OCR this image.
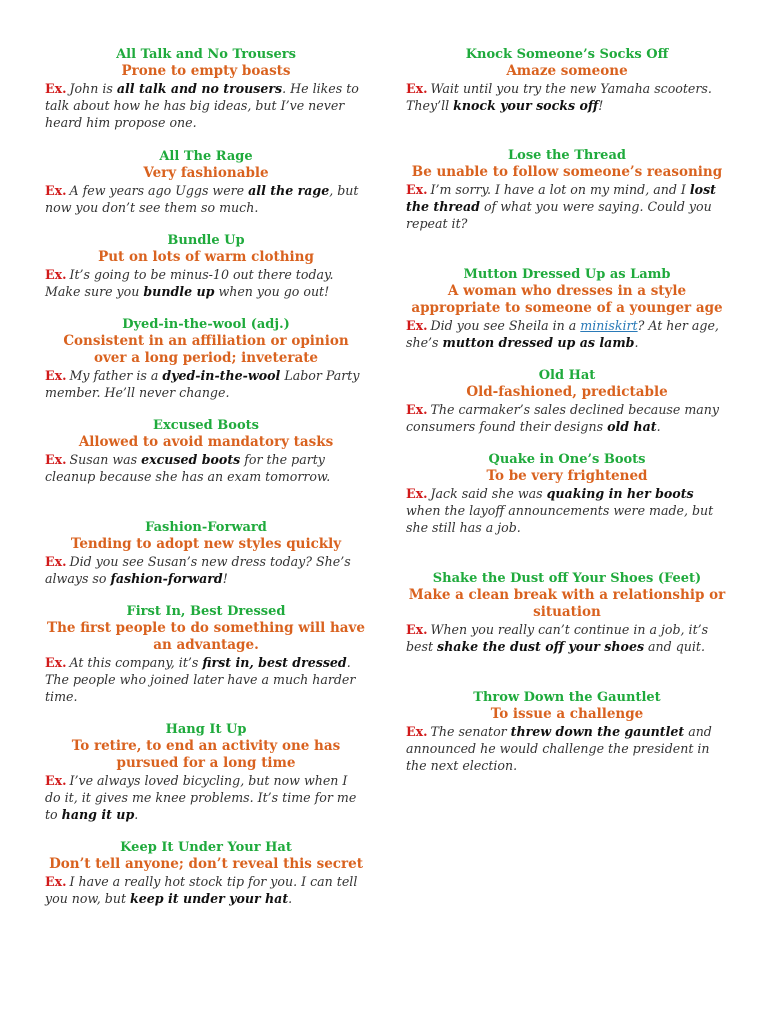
All Talk and No Trousers
Prone to empty boasts
Ex. John is all talk and no trousers. He likes to talk about how he has big ideas, but I’ve never heard him propose one.
All The Rage
Very fashionable
Ex. A few years ago Uggs were all the rage, but now you don’t see them so much.
Bundle Up
Put on lots of warm clothing
Ex. It’s going to be minus-10 out there today. Make sure you bundle up when you go out!
Dyed-in-the-wool (adj.)
Consistent in an affiliation or opinion over a long period; inveterate
Ex. My father is a dyed-in-the-wool Labor Party member. He’ll never change.
Excused Boots
Allowed to avoid mandatory tasks
Ex. Susan was excused boots for the party cleanup because she has an exam tomorrow.
Fashion-Forward
Tending to adopt new styles quickly
Ex. Did you see Susan’s new dress today? She’s always so fashion-forward!
First In, Best Dressed
The first people to do something will have an advantage.
Ex. At this company, it’s first in, best dressed. The people who joined later have a much harder time.
Hang It Up
To retire, to end an activity one has pursued for a long time
Ex. I’ve always loved bicycling, but now when I do it, it gives me knee problems. It’s time for me to hang it up.
Keep It Under Your Hat
Don’t tell anyone; don’t reveal this secret
Ex. I have a really hot stock tip for you. I can tell you now, but keep it under your hat.
Knock Someone’s Socks Off
Amaze someone
Ex. Wait until you try the new Yamaha scooters. They’ll knock your socks off!
Lose the Thread
Be unable to follow someone’s reasoning
Ex. I’m sorry. I have a lot on my mind, and I lost the thread of what you were saying. Could you repeat it?
Mutton Dressed Up as Lamb
A woman who dresses in a style appropriate to someone of a younger age
Ex. Did you see Sheila in a miniskirt? At her age, she’s mutton dressed up as lamb.
Old Hat
Old-fashioned, predictable
Ex. The carmaker’s sales declined because many consumers found their designs old hat.
Quake in One’s Boots
To be very frightened
Ex. Jack said she was quaking in her boots when the layoff announcements were made, but she still has a job.
Shake the Dust off Your Shoes (Feet)
Make a clean break with a relationship or situation
Ex. When you really can’t continue in a job, it’s best shake the dust off your shoes and quit.
Throw Down the Gauntlet
To issue a challenge
Ex. The senator threw down the gauntlet and announced he would challenge the president in the next election.
